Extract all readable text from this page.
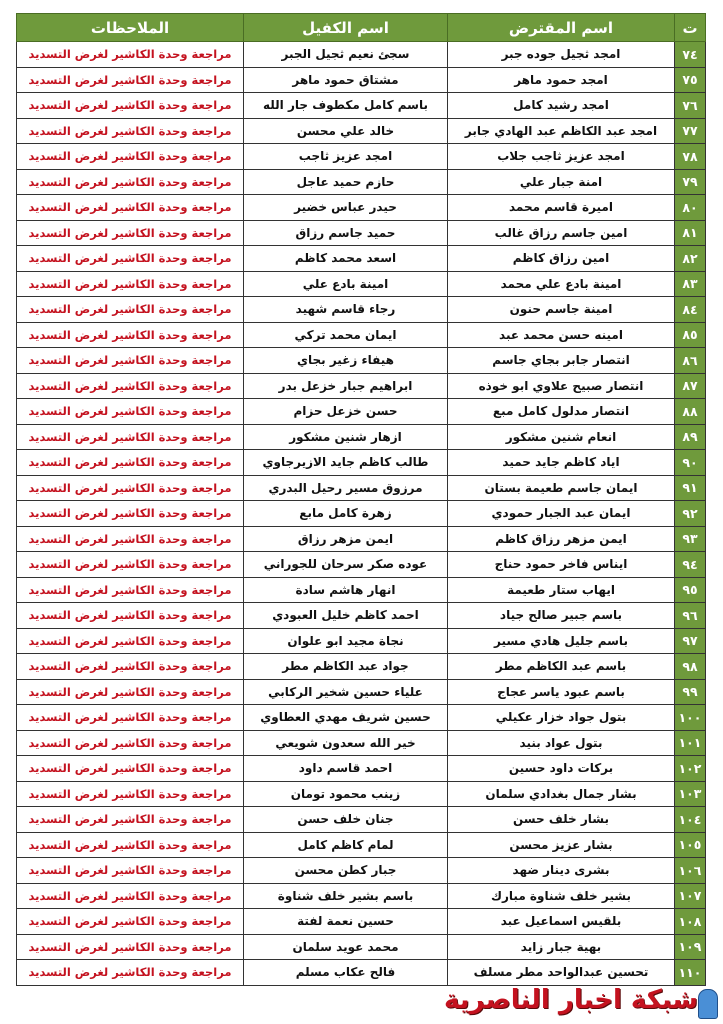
ت	اسم المقترض	اسم الكفيل	الملاحظات
٧٤	امجد ثجيل جوده جبر	سجئ نعيم ثجيل الجبر	مراجعة وحدة الكاشير لغرض التسديد
٧٥	امجد حمود ماهر	مشتاق حمود ماهر	مراجعة وحدة الكاشير لغرض التسديد
٧٦	امجد رشيد كامل	باسم كامل مكطوف جار الله	مراجعة وحدة الكاشير لغرض التسديد
٧٧	امجد عبد الكاظم عبد الهادي جابر	خالد علي محسن	مراجعة وحدة الكاشير لغرض التسديد
٧٨	امجد عزيز ثاجب جلاب	امجد عزيز ثاجب	مراجعة وحدة الكاشير لغرض التسديد
٧٩	امنة جبار علي	حازم حميد عاجل	مراجعة وحدة الكاشير لغرض التسديد
٨٠	اميرة قاسم محمد	حيدر عباس خضير	مراجعة وحدة الكاشير لغرض التسديد
٨١	امين جاسم رزاق غالب	حميد جاسم رزاق	مراجعة وحدة الكاشير لغرض التسديد
٨٢	امين رزاق كاظم	اسعد محمد كاظم	مراجعة وحدة الكاشير لغرض التسديد
٨٣	امينة بادع علي محمد	امينة بادع علي	مراجعة وحدة الكاشير لغرض التسديد
٨٤	امينة جاسم حنون	رجاء قاسم شهيد	مراجعة وحدة الكاشير لغرض التسديد
٨٥	امينه حسن محمد عبد	ايمان محمد تركي	مراجعة وحدة الكاشير لغرض التسديد
٨٦	انتصار جابر بجاي جاسم	هيفاء زغير بجاي	مراجعة وحدة الكاشير لغرض التسديد
٨٧	انتصار صبيح علاوي ابو خوذه	ابراهيم جبار خزعل بدر	مراجعة وحدة الكاشير لغرض التسديد
٨٨	انتصار مدلول كامل مبع	حسن خزعل حزام	مراجعة وحدة الكاشير لغرض التسديد
٨٩	انعام شنين مشكور	ازهار شنين مشكور	مراجعة وحدة الكاشير لغرض التسديد
٩٠	اياد كاظم جايد حميد	طالب كاظم جايد الازيرجاوي	مراجعة وحدة الكاشير لغرض التسديد
٩١	ايمان جاسم طعيمة بستان	مرزوق مسير رحيل البدري	مراجعة وحدة الكاشير لغرض التسديد
٩٢	ايمان عبد الجبار حمودي	زهرة كامل مابع	مراجعة وحدة الكاشير لغرض التسديد
٩٣	ايمن مزهر رزاق كاظم	ايمن مزهر رزاق	مراجعة وحدة الكاشير لغرض التسديد
٩٤	ايناس فاخر حمود حناج	عوده صكر سرحان للجوراني	مراجعة وحدة الكاشير لغرض التسديد
٩٥	ايهاب ستار طعيمة	انهار هاشم سادة	مراجعة وحدة الكاشير لغرض التسديد
٩٦	باسم جبير صالح جياد	احمد كاظم خليل العبودي	مراجعة وحدة الكاشير لغرض التسديد
٩٧	باسم جليل هادي مسير	نجاة مجيد ابو علوان	مراجعة وحدة الكاشير لغرض التسديد
٩٨	باسم عبد الكاظم مطر	جواد عبد الكاظم مطر	مراجعة وحدة الكاشير لغرض التسديد
٩٩	باسم عبود ياسر عجاج	علياء حسين شخير الركابي	مراجعة وحدة الكاشير لغرض التسديد
١٠٠	بتول جواد خزار عكيلي	حسين شريف مهدي العطاوي	مراجعة وحدة الكاشير لغرض التسديد
١٠١	بتول عواد بنيد	خير الله سعدون شويعي	مراجعة وحدة الكاشير لغرض التسديد
١٠٢	بركات داود حسين	احمد قاسم داود	مراجعة وحدة الكاشير لغرض التسديد
١٠٣	بشار جمال بغدادي سلمان	زينب محمود تومان	مراجعة وحدة الكاشير لغرض التسديد
١٠٤	بشار خلف حسن	جنان خلف حسن	مراجعة وحدة الكاشير لغرض التسديد
١٠٥	بشار عزيز محسن	لمام كاظم كامل	مراجعة وحدة الكاشير لغرض التسديد
١٠٦	بشرى دينار ضهد	جبار كطن محسن	مراجعة وحدة الكاشير لغرض التسديد
١٠٧	بشير خلف شناوة مبارك	باسم بشير خلف شناوة	مراجعة وحدة الكاشير لغرض التسديد
١٠٨	بلقيس اسماعيل عبد	حسين نعمة لفتة	مراجعة وحدة الكاشير لغرض التسديد
١٠٩	بهية جبار زايد	محمد عويد سلمان	مراجعة وحدة الكاشير لغرض التسديد
١١٠	تحسين عبدالواحد مطر مسلف	فالح عكاب مسلم	مراجعة وحدة الكاشير لغرض التسديد
شبكة اخبار الناصرية
